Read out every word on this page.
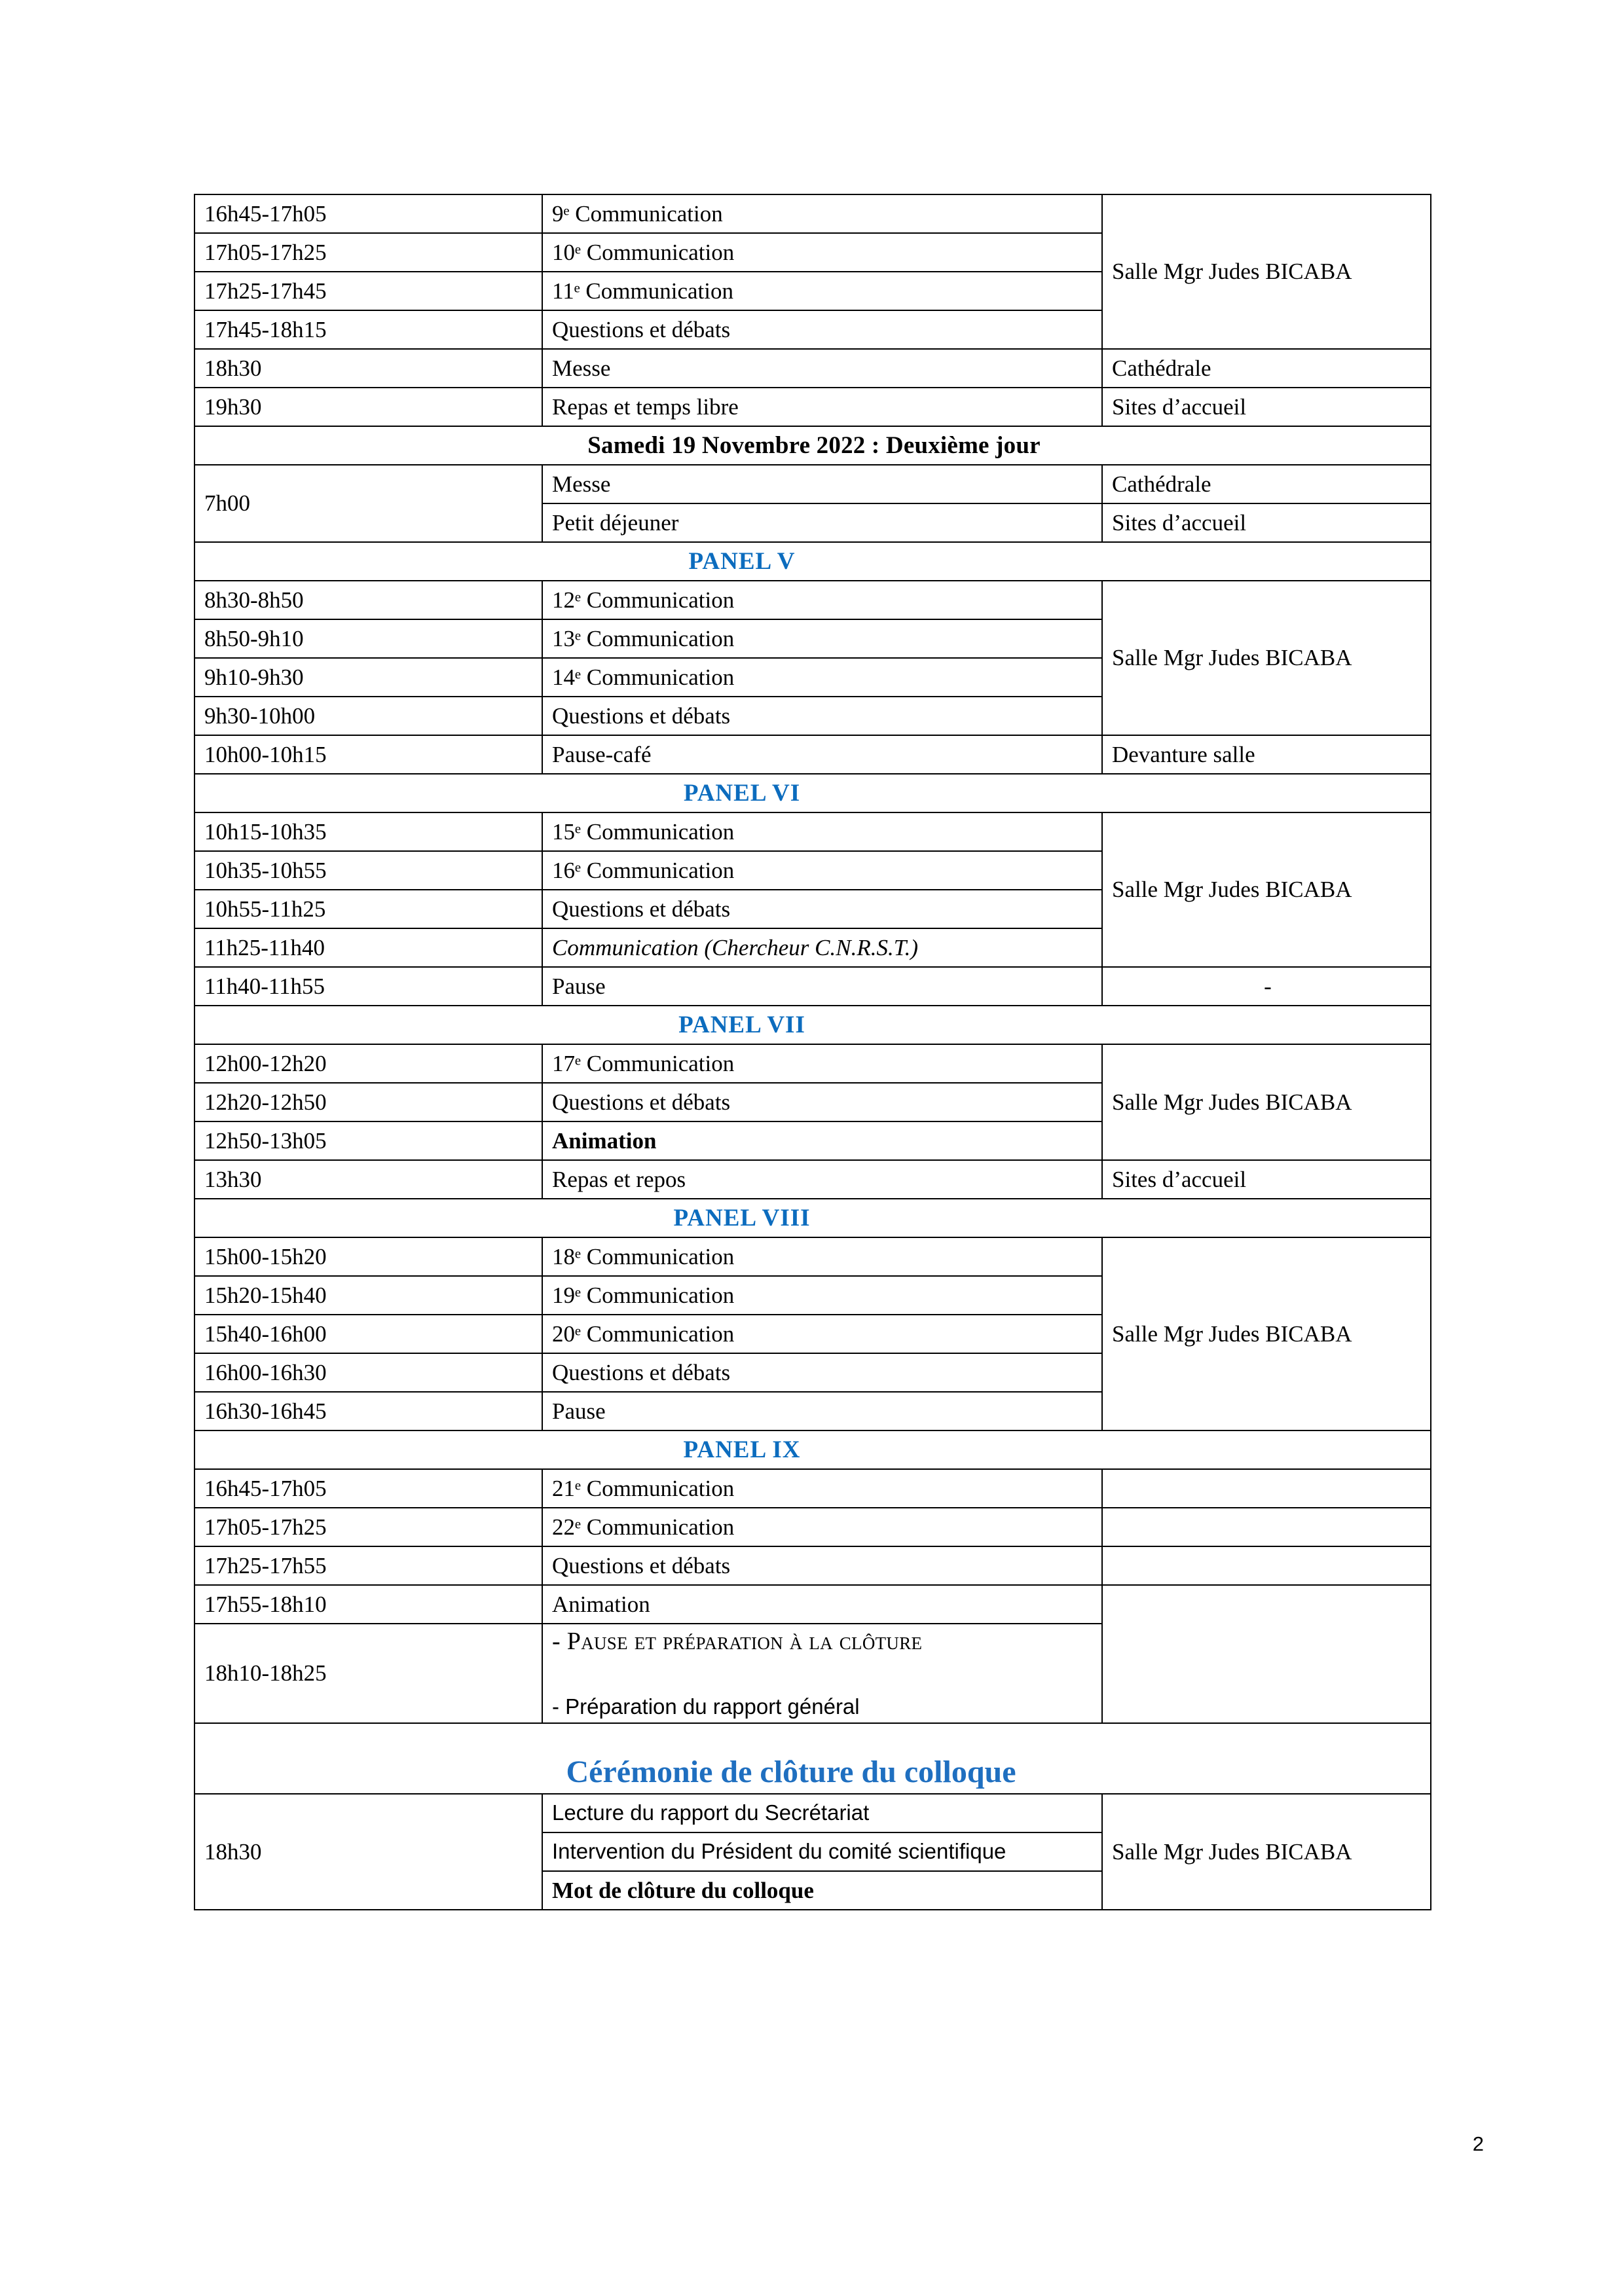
16h45-17h05	9ᵉ Communication	Salle Mgr Judes BICABA
17h05-17h25	10ᵉ Communication	
17h25-17h45	11ᵉ Communication	
17h45-18h15	Questions et débats	
18h30	Messe	Cathédrale
19h30	Repas et temps libre	Sites d’accueil
Samedi 19 Novembre 2022 : Deuxième jour		
7h00	Messe	Cathédrale
	Petit déjeuner	Sites d’accueil

PANEL V		

8h30-8h50	12ᵉ Communication	Salle Mgr Judes BICABA
8h50-9h10	13ᵉ Communication	
9h10-9h30	14ᵉ Communication	
9h30-10h00	Questions et débats	
10h00-10h15	Pause-café	Devanture salle

PANEL VI		

10h15-10h35	15ᵉ Communication	Salle Mgr Judes BICABA
10h35-10h55	16ᵉ Communication	
10h55-11h25	Questions et débats	
11h25-11h40	Communication (Chercheur C.N.R.S.T.)	
11h40-11h55	Pause	-

PANEL VII		

12h00-12h20	17ᵉ Communication	Salle Mgr Judes BICABA
12h20-12h50	Questions et débats	
12h50-13h05	Animation	
13h30	Repas et repos	Sites d’accueil

PANEL VIII		

15h00-15h20	18ᵉ Communication	Salle Mgr Judes BICABA
15h20-15h40	19ᵉ Communication	
15h40-16h00	20ᵉ Communication	
16h00-16h30	Questions et débats	
16h30-16h45	Pause	

PANEL IX		

16h45-17h05	21ᵉ Communication	
17h05-17h25	22ᵉ Communication	
17h25-17h55	Questions et débats	
17h55-18h10	Animation	
18h10-18h25	- Pause et préparation à la clôture
- Préparation du rapport général	

Cérémonie de clôture du colloque		

18h30	Lecture du rapport du Secrétariat	Salle Mgr Judes BICABA
	Intervention du Président du comité scientifique	
	Mot de clôture du colloque	
2
